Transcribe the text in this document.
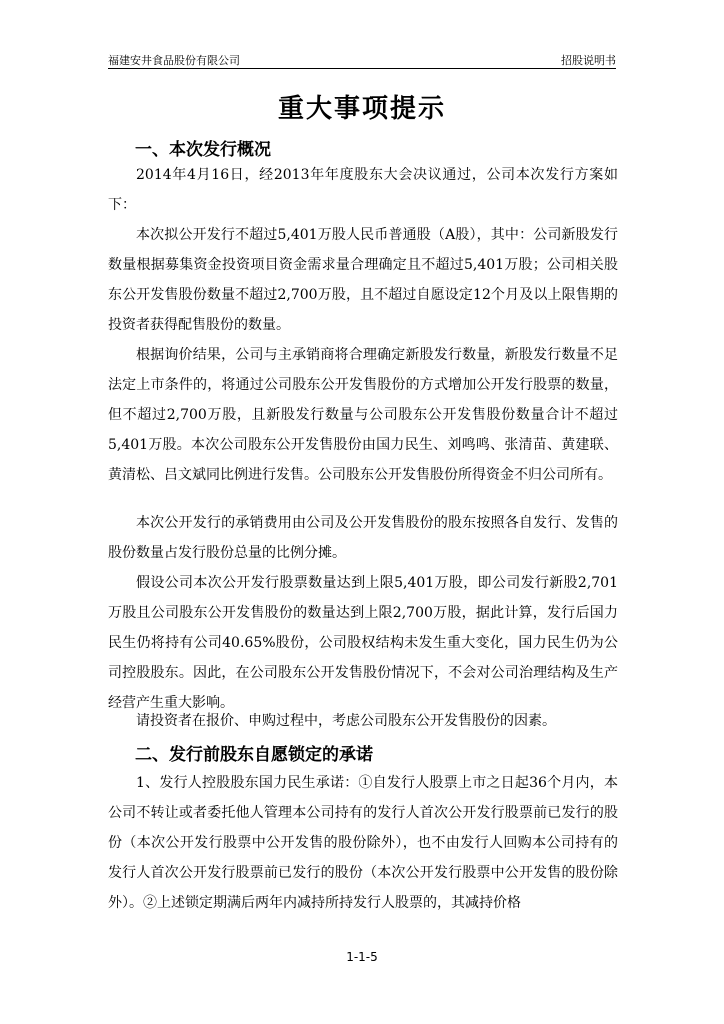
福建安井食品股份有限公司	招股说明书
重大事项提示
一、本次发行概况
2014年4月16日，经2013年年度股东大会决议通过，公司本次发行方案如下：
本次拟公开发行不超过5,401万股人民币普通股（A股），其中：公司新股发行数量根据募集资金投资项目资金需求量合理确定且不超过5,401万股；公司相关股东公开发售股份数量不超过2,700万股，且不超过自愿设定12个月及以上限售期的投资者获得配售股份的数量。
根据询价结果，公司与主承销商将合理确定新股发行数量，新股发行数量不足法定上市条件的，将通过公司股东公开发售股份的方式增加公开发行股票的数量，但不超过2,700万股，且新股发行数量与公司股东公开发售股份数量合计不超过5,401万股。本次公司股东公开发售股份由国力民生、刘鸣鸣、张清苗、黄建联、黄清松、吕文斌同比例进行发售。公司股东公开发售股份所得资金不归公司所有。
本次公开发行的承销费用由公司及公开发售股份的股东按照各自发行、发售的股份数量占发行股份总量的比例分摊。
假设公司本次公开发行股票数量达到上限5,401万股，即公司发行新股2,701万股且公司股东公开发售股份的数量达到上限2,700万股，据此计算，发行后国力民生仍将持有公司40.65%股份，公司股权结构未发生重大变化，国力民生仍为公司控股股东。因此，在公司股东公开发售股份情况下，不会对公司治理结构及生产经营产生重大影响。
请投资者在报价、申购过程中，考虑公司股东公开发售股份的因素。
二、发行前股东自愿锁定的承诺
1、发行人控股股东国力民生承诺：①自发行人股票上市之日起36个月内，本公司不转让或者委托他人管理本公司持有的发行人首次公开发行股票前已发行的股份（本次公开发行股票中公开发售的股份除外），也不由发行人回购本公司持有的发行人首次公开发行股票前已发行的股份（本次公开发行股票中公开发售的股份除外）。②上述锁定期满后两年内减持所持发行人股票的，其减持价格
1-1-5
